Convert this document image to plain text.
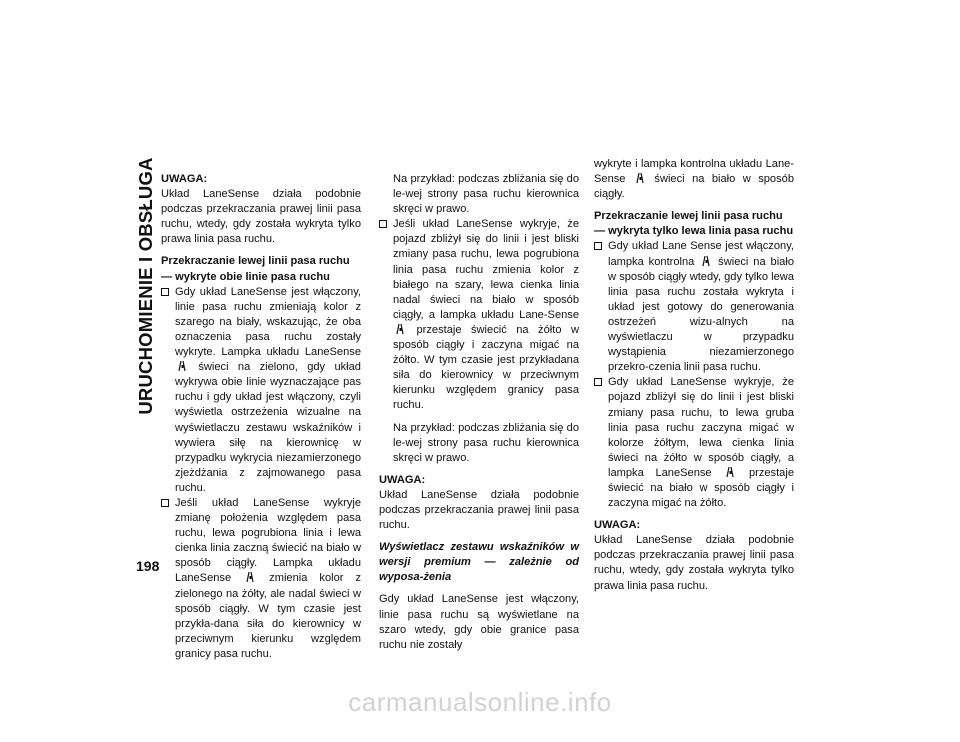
URUCHOMIENIE I OBSŁUGA
198

UWAGA:

Układ LaneSense działa podobnie podczas przekraczania prawej linii pasa ruchu, wtedy, gdy została wykryta tylko prawa linia pasa ruchu.

Przekraczanie lewej linii pasa ruchu — wykryte obie linie pasa ruchu

Gdy układ LaneSense jest włączony, linie pasa ruchu zmieniają kolor z szarego na biały, wskazując, że oba oznaczenia pasa ruchu zostały wykryte. Lampka układu LaneSense  świeci na zielono, gdy układ wykrywa obie linie wyznaczające pas ruchu i gdy układ jest włączony, czyli wyświetla ostrzeżenia wizualne na wyświetlaczu zestawu wskaźników i wywiera siłę na kierownicę w przypadku wykrycia niezamierzonego zjeżdżania z zajmowanego pasa ruchu.

Jeśli układ LaneSense wykryje zmianę położenia względem pasa ruchu, lewa pogrubiona linia i lewa cienka linia zaczną świecić na biało w sposób ciągły. Lampka układu LaneSense	zmienia kolor z zielonego na żółty, ale nadal świeci w sposób ciągły. W tym czasie jest przykła-dana siła do kierownicy w przeciwnym kierunku względem granicy pasa ruchu.

Na przykład: podczas zbliżania się do le-wej strony pasa ruchu kierownica skręci w prawo.

Jeśli układ LaneSense wykryje, że pojazd zbliżył się do linii i jest bliski zmiany pasa ruchu, lewa pogrubiona linia pasa ruchu zmienia kolor z białego na szary, lewa cienka linia nadal świeci na biało w sposób ciągły, a lampka układu Lane-Sense  przestaje świecić na żółto w sposób ciągły i zaczyna migać na żółto. W tym czasie jest przykładana siła do kierownicy w przeciwnym kierunku względem granicy pasa ruchu.

Na przykład: podczas zbliżania się do le-wej strony pasa ruchu kierownica skręci w prawo.

UWAGA:

Układ LaneSense działa podobnie podczas przekraczania prawej linii pasa ruchu.

Wyświetlacz zestawu wskaźników w wersji premium — zależnie od wyposa-żenia

Gdy układ LaneSense jest włączony, linie pasa ruchu są wyświetlane na szaro wtedy, gdy obie granice pasa ruchu nie zostały

wykryte i lampka kontrolna układu Lane-Sense	świeci na biało w sposób ciągły.

Przekraczanie lewej linii pasa ruchu — wykryta tylko lewa linia pasa ruchu

Gdy układ Lane Sense jest włączony, lampka kontrolna świeci na biało w sposób ciągły wtedy, gdy tylko lewa linia pasa ruchu została wykryta i układ jest gotowy do generowania ostrzeżeń wizu-alnych na wyświetlaczu w przypadku wystąpienia niezamierzonego przekro-czenia linii pasa ruchu.

Gdy układ LaneSense wykryje, że pojazd zbliżył się do linii i jest bliski zmiany pasa ruchu, to lewa gruba linia pasa ruchu zaczyna migać w kolorze żółtym, lewa cienka linia świeci na żółto w sposób ciągły, a lampka LaneSense	przestaje świecić na biało w sposób ciągły i zaczyna migać na żółto.

UWAGA:

Układ LaneSense działa podobnie podczas przekraczania prawej linii pasa ruchu, wtedy, gdy została wykryta tylko prawa linia pasa ruchu.

carmanualsonline.info
